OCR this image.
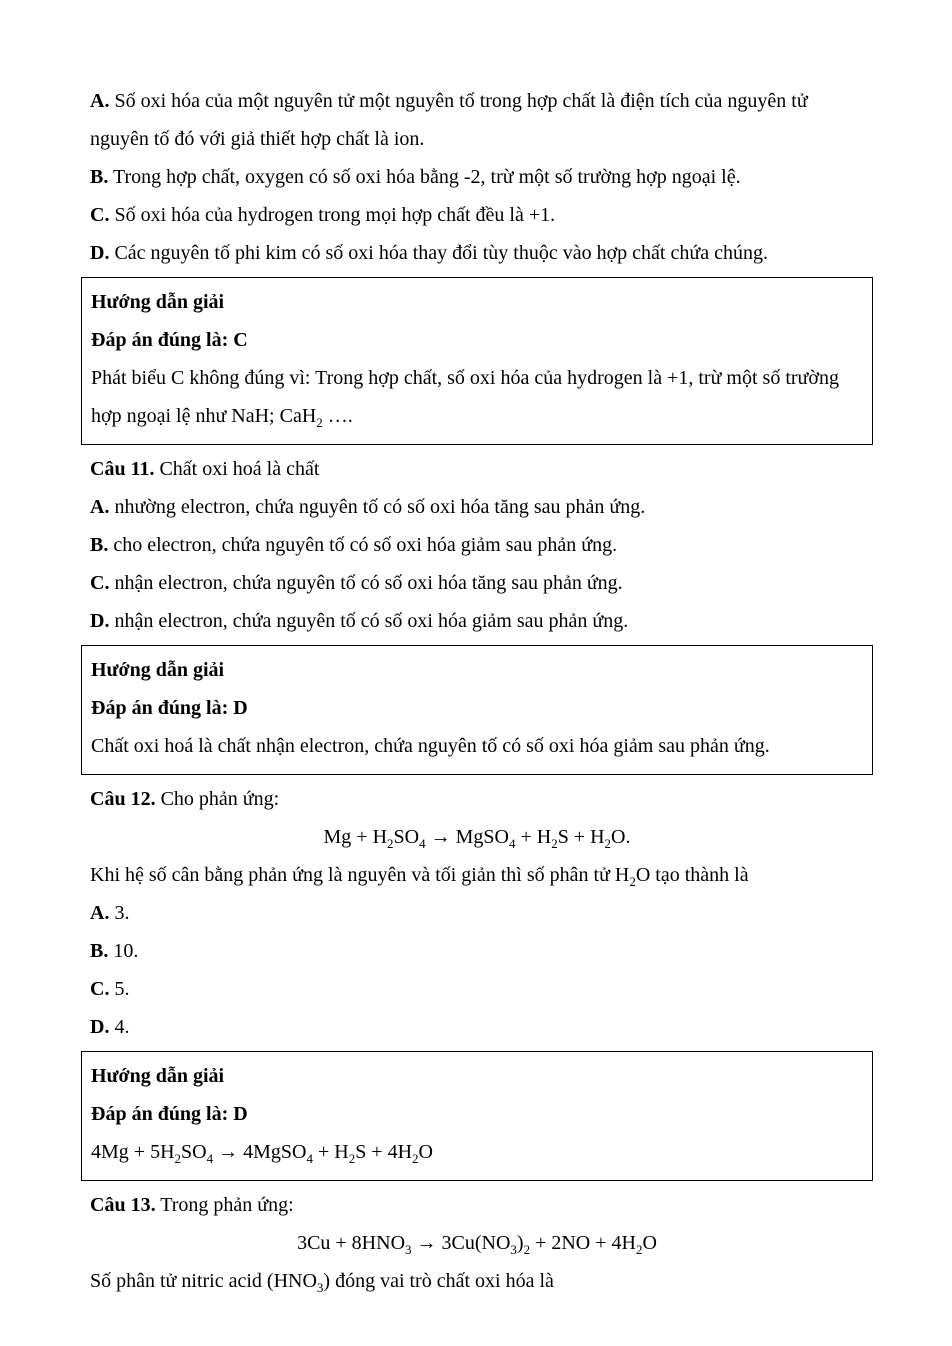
A. Số oxi hóa của một nguyên tử một nguyên tố trong hợp chất là điện tích của nguyên tử nguyên tố đó với giả thiết hợp chất là ion.

B. Trong hợp chất, oxygen có số oxi hóa bằng -2, trừ một số trường hợp ngoại lệ.

C. Số oxi hóa của hydrogen trong mọi hợp chất đều là +1.

D. Các nguyên tố phi kim có số oxi hóa thay đổi tùy thuộc vào hợp chất chứa chúng.

Hướng dẫn giải

Đáp án đúng là: C

Phát biểu C không đúng vì: Trong hợp chất, số oxi hóa của hydrogen là +1, trừ một số trường hợp ngoại lệ như NaH; CaH$_2$ ….

Câu 11. Chất oxi hoá là chất

A. nhường electron, chứa nguyên tố có số oxi hóa tăng sau phản ứng.

B. cho electron, chứa nguyên tố có số oxi hóa giảm sau phản ứng.

C. nhận electron, chứa nguyên tố có số oxi hóa tăng sau phản ứng.

D. nhận electron, chứa nguyên tố có số oxi hóa giảm sau phản ứng.

Hướng dẫn giải

Đáp án đúng là: D

Chất oxi hoá là chất nhận electron, chứa nguyên tố có số oxi hóa giảm sau phản ứng.

Câu 12. Cho phản ứng:

$Mg + H_2SO_4$ → MgSO$_4$ + $H_2S + H_2O$.

Khi hệ số cân bằng phản ứng là nguyên và tối giản thì số phân tử $H_2O$ tạo thành là

A. 3.

B. 10.

C. 5.

D. 4.

Hướng dẫn giải

Đáp án đúng là: D

$4Mg + 5H_2SO_4$ → 4MgSO$_4$ + $H_2S + 4H_2O$

Câu 13. Trong phản ứng:

$3Cu + 8HNO_3 \to 3Cu(NO_3)_2 + 2NO + 4H_2O$

Số phân tử nitric acid $(HNO_3)$ đóng vai trò chất oxi hóa là
